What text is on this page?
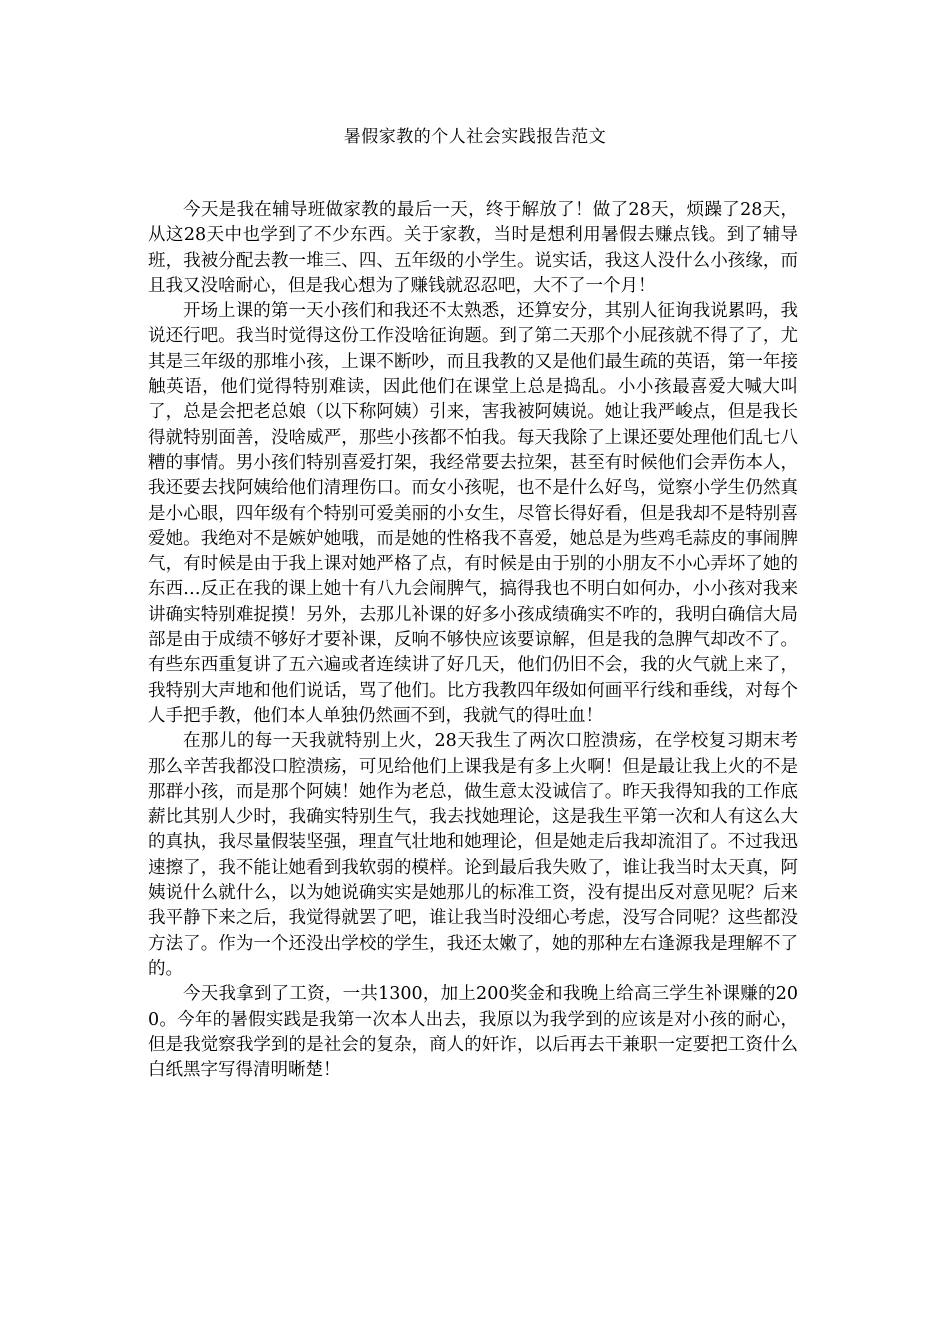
暑假家教的个人社会实践报告范文

今天是我在辅导班做家教的最后一天，终于解放了！做了28天，烦躁了28天，从这28天中也学到了不少东西。关于家教，当时是想利用暑假去赚点钱。到了辅导班，我被分配去教一堆三、四、五年级的小学生。说实话，我这人没什么小孩缘，而且我又没啥耐心，但是我心想为了赚钱就忍忍吧，大不了一个月！

开场上课的第一天小孩们和我还不太熟悉，还算安分，其别人征询我说累吗，我说还行吧。我当时觉得这份工作没啥征询题。到了第二天那个小屁孩就不得了了，尤其是三年级的那堆小孩，上课不断吵，而且我教的又是他们最生疏的英语，第一年接触英语，他们觉得特别难读，因此他们在课堂上总是捣乱。小小孩最喜爱大喊大叫了，总是会把老总娘（以下称阿姨）引来，害我被阿姨说。她让我严峻点，但是我长得就特别面善，没啥威严，那些小孩都不怕我。每天我除了上课还要处理他们乱七八糟的事情。男小孩们特别喜爱打架，我经常要去拉架，甚至有时候他们会弄伤本人，我还要去找阿姨给他们清理伤口。而女小孩呢，也不是什么好鸟，觉察小学生仍然真是小心眼，四年级有个特别可爱美丽的小女生，尽管长得好看，但是我却不是特别喜爱她。我绝对不是嫉妒她哦，而是她的性格我不喜爱，她总是为些鸡毛蒜皮的事闹脾气，有时候是由于我上课对她严格了点，有时候是由于别的小朋友不小心弄坏了她的东西…反正在我的课上她十有八九会闹脾气，搞得我也不明白如何办，小小孩对我来讲确实特别难捉摸！另外，去那儿补课的好多小孩成绩确实不咋的，我明白确信大局部是由于成绩不够好才要补课，反响不够快应该要谅解，但是我的急脾气却改不了。有些东西重复讲了五六遍或者连续讲了好几天，他们仍旧不会，我的火气就上来了，我特别大声地和他们说话，骂了他们。比方我教四年级如何画平行线和垂线，对每个人手把手教，他们本人单独仍然画不到，我就气的得吐血！

在那儿的每一天我就特别上火，28天我生了两次口腔溃疡，在学校复习期末考那么辛苦我都没口腔溃疡，可见给他们上课我是有多上火啊！但是最让我上火的不是那群小孩，而是那个阿姨！她作为老总，做生意太没诚信了。昨天我得知我的工作底薪比其别人少时，我确实特别生气，我去找她理论，这是我生平第一次和人有这么大的真执，我尽量假装坚强，理直气壮地和她理论，但是她走后我却流泪了。不过我迅速擦了，我不能让她看到我软弱的模样。论到最后我失败了，谁让我当时太天真，阿姨说什么就什么，以为她说确实实是她那儿的标准工资，没有提出反对意见呢？后来我平静下来之后，我觉得就罢了吧，谁让我当时没细心考虑，没写合同呢？这些都没方法了。作为一个还没出学校的学生，我还太嫩了，她的那种左右逢源我是理解不了的。

今天我拿到了工资，一共1300，加上200奖金和我晚上给高三学生补课赚的200。今年的暑假实践是我第一次本人出去，我原以为我学到的应该是对小孩的耐心，但是我觉察我学到的是社会的复杂，商人的奸诈，以后再去干兼职一定要把工资什么白纸黑字写得清明晰楚！
